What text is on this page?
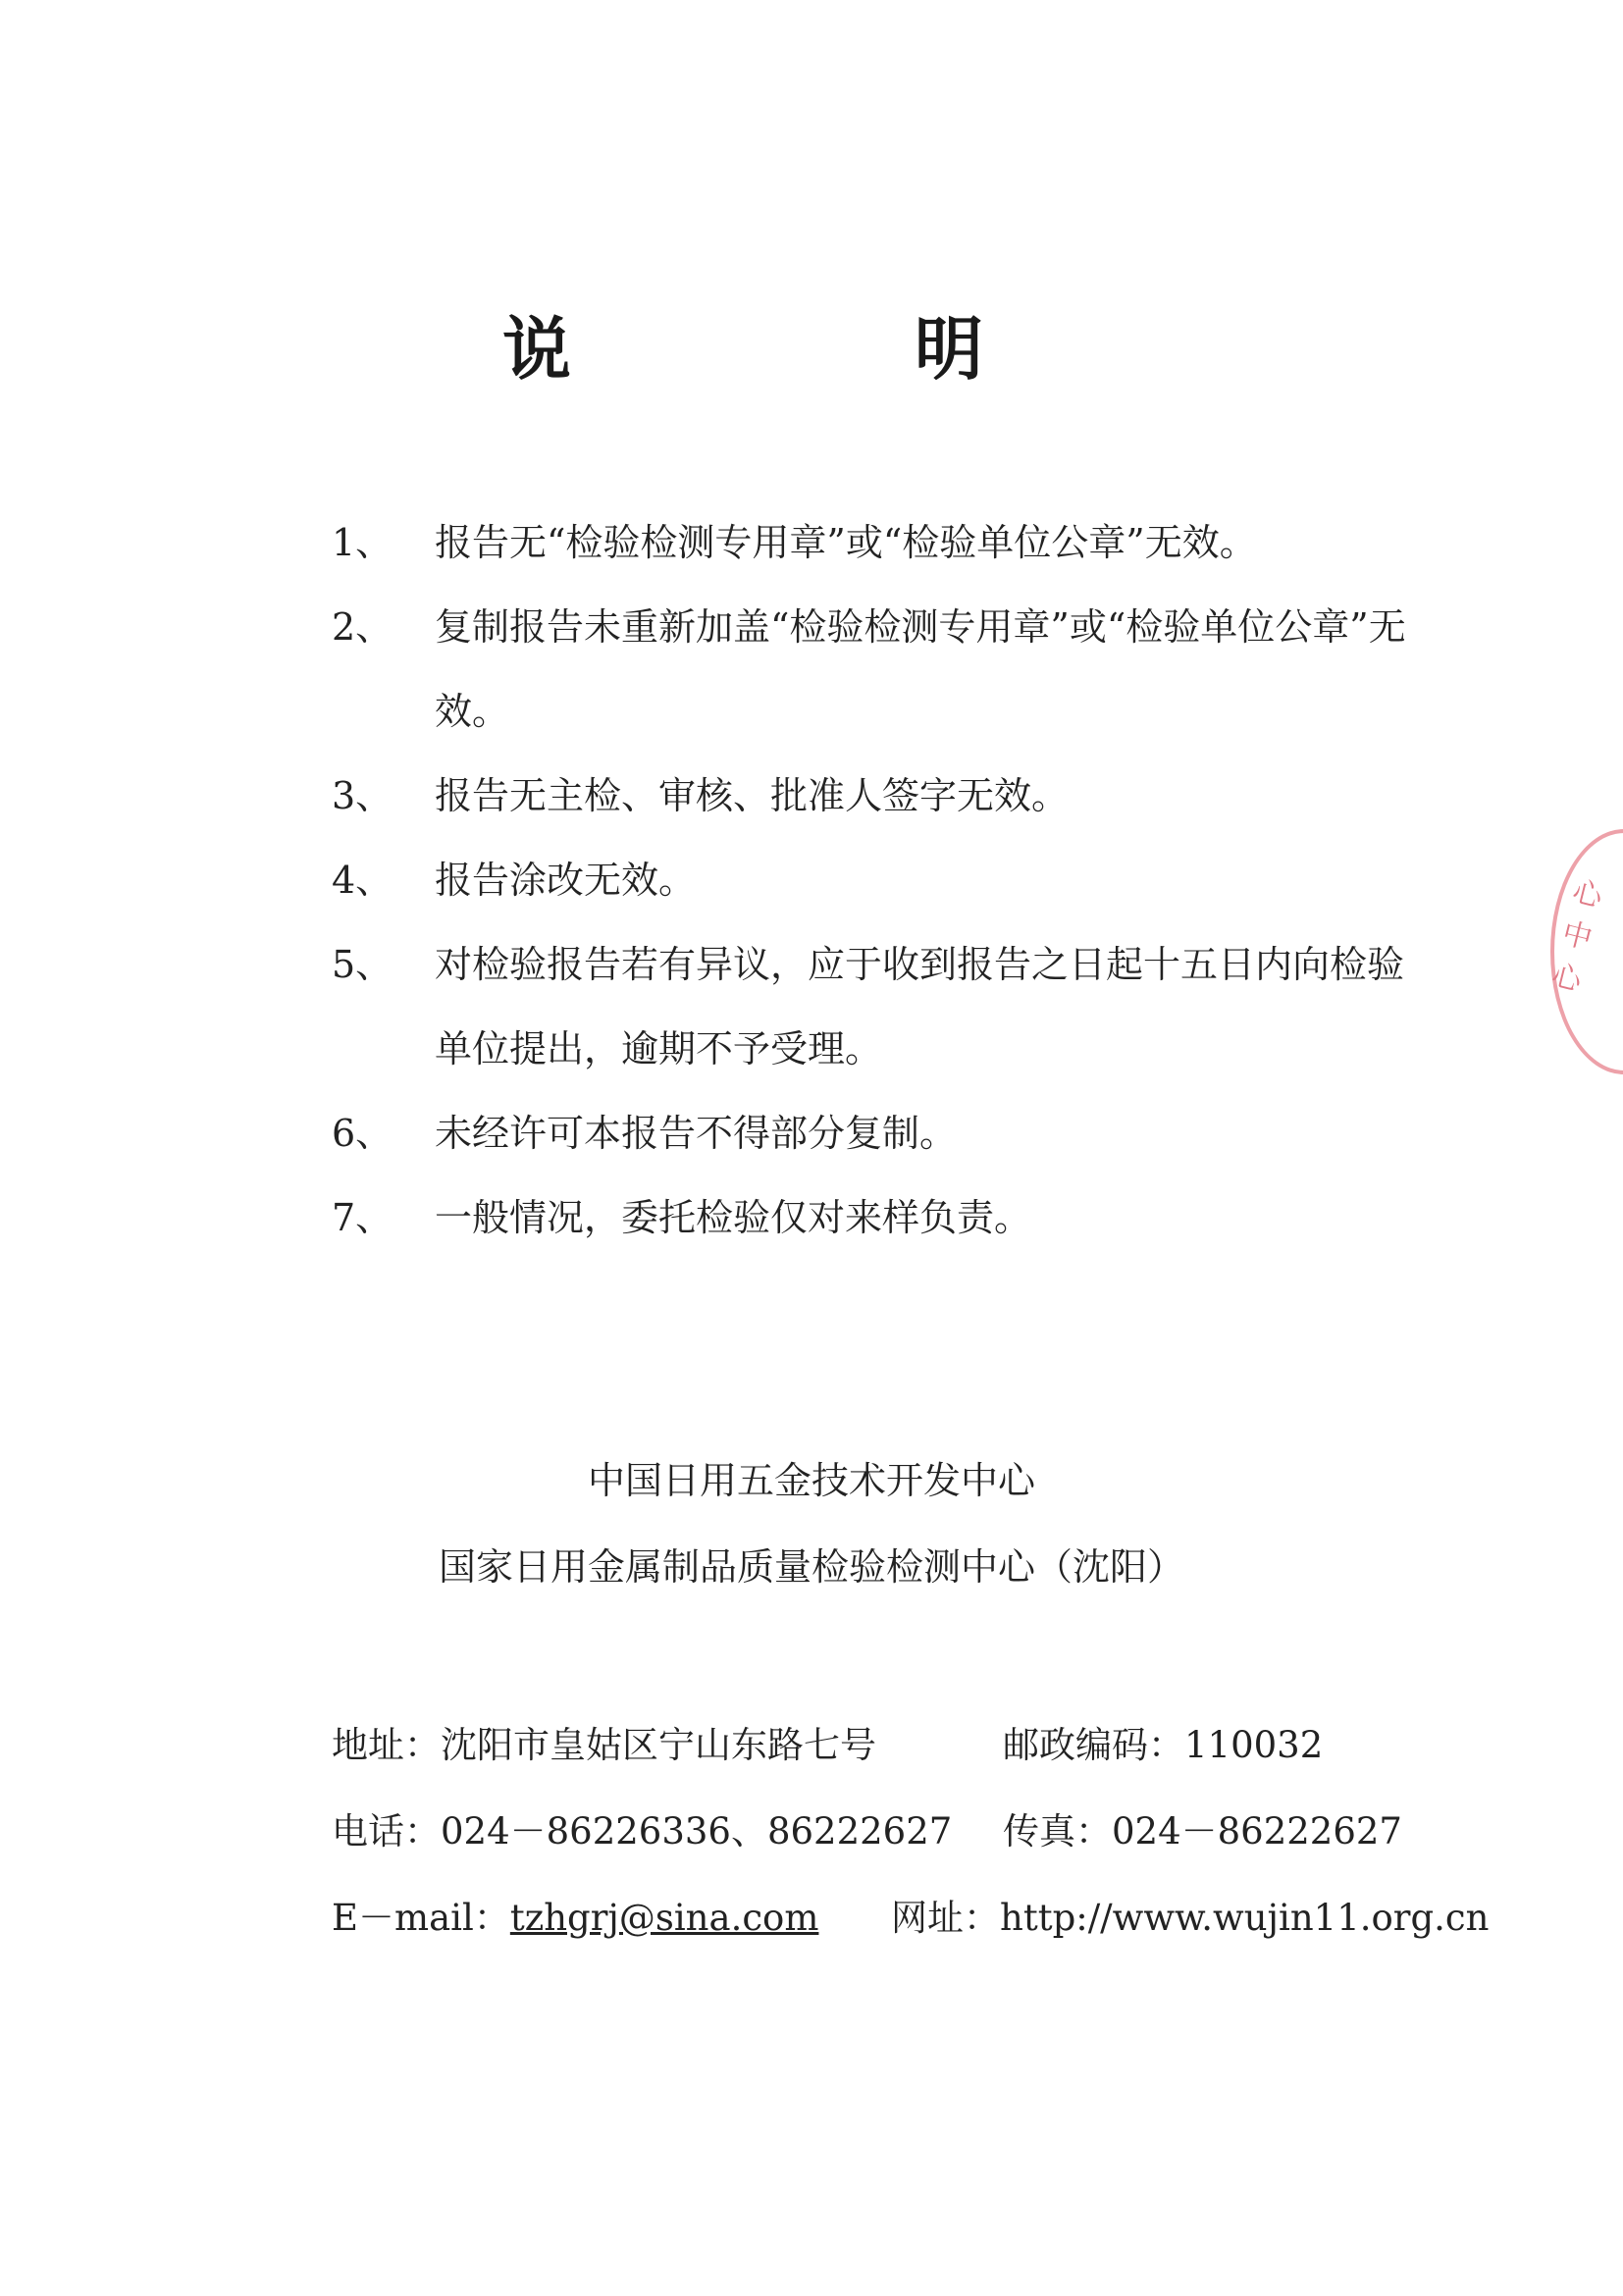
说　明
1、	报告无“检验检测专用章”或“检验单位公章”无效。
2、	复制报告未重新加盖“检验检测专用章”或“检验单位公章”无效。
3、	报告无主检、审核、批准人签字无效。
4、	报告涂改无效。
5、	对检验报告若有异议，应于收到报告之日起十五日内向检验单位提出，逾期不予受理。
6、	未经许可本报告不得部分复制。
7、	一般情况，委托检验仅对来样负责。
中国日用五金技术开发中心
国家日用金属制品质量检验检测中心（沈阳）
地址：沈阳市皇姑区宁山东路七号	邮政编码：110032
电话：024－86226336、86222627 传真：024－86222627
E－mail：tzhgrj@sina.com 网址：http://www.wujin11.org.cn
心
中
心
